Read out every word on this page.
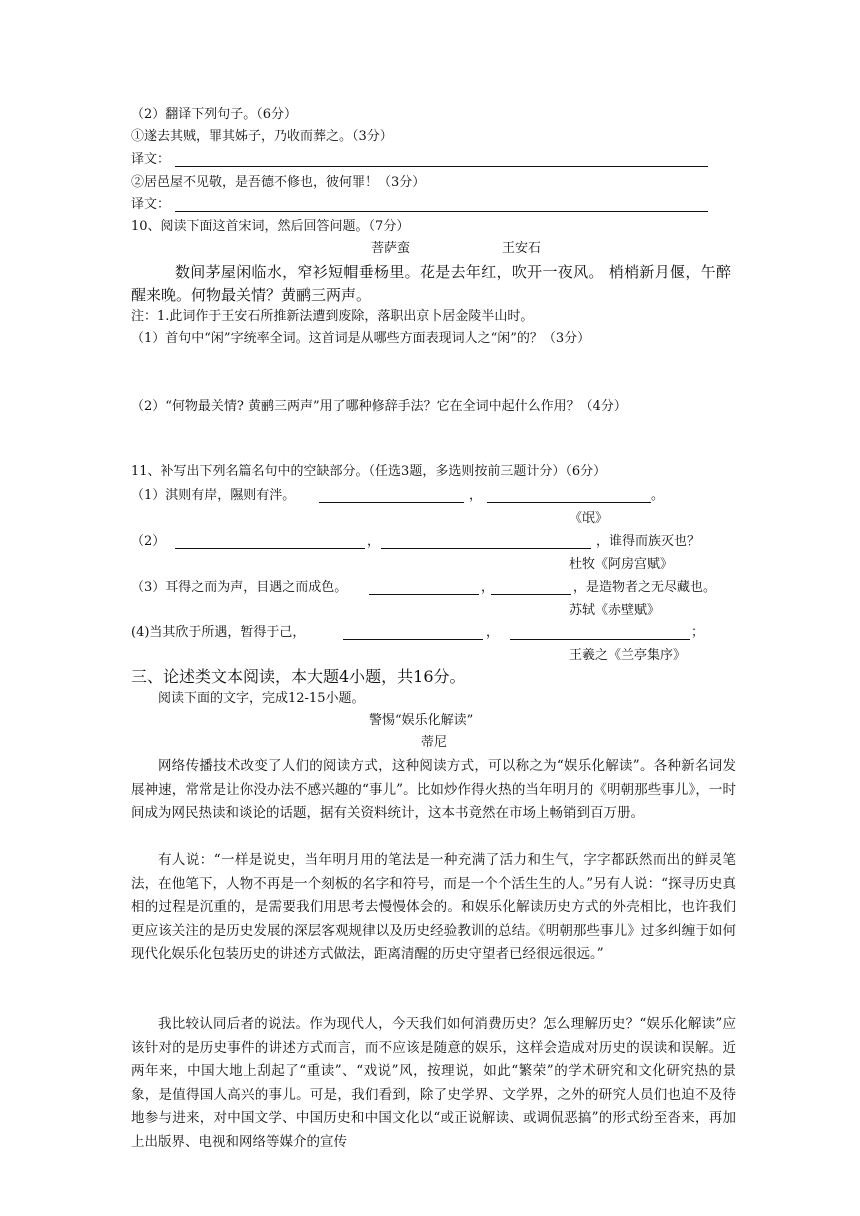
（2）翻译下列句子。（6分）
①遂去其贼，罪其姊子，乃收而葬之。（3分）
译文：
②居邑屋不见敬，是吾德不修也，彼何罪！（3分）
译文：
10、阅读下面这首宋词，然后回答问题。（7分）
菩萨蛮	王安石
数间茅屋闲临水，窄衫短帽垂杨里。花是去年红，吹开一夜风。 梢梢新月偃，午醉醒来晚。何物最关情？黄鹂三两声。
注：1.此词作于王安石所推新法遭到废除，落职出京卜居金陵半山时。
（1）首句中“闲”字统率全词。这首词是从哪些方面表现词人之“闲”的？（3分）
（2）“何物最关情? 黄鹂三两声”用了哪种修辞手法？它在全词中起什么作用？（4分）
11、补写出下列名篇名句中的空缺部分。（任选3题，多选则按前三题计分）（6分）
（1）淇则有岸，隰则有泮。	，	。
《氓》
（2）	，	，谁得而族灭也？
杜牧《阿房宫赋》
（3）耳得之而为声，目遇之而成色。	，	，是造物者之无尽藏也。
苏轼《赤壁赋》
(4)当其欣于所遇，暂得于己，	，	；
王羲之《兰亭集序》
三、论述类文本阅读，本大题4小题，共16分。
阅读下面的文字，完成12-15小题。
警惕“娱乐化解读”
蒂尼
网络传播技术改变了人们的阅读方式，这种阅读方式，可以称之为“娱乐化解读”。各种新名词发展神速，常常是让你没办法不感兴趣的“事儿”。比如炒作得火热的当年明月的《明朝那些事儿》，一时间成为网民热读和谈论的话题，据有关资料统计，这本书竟然在市场上畅销到百万册。
有人说：“一样是说史，当年明月用的笔法是一种充满了活力和生气，字字都跃然而出的鲜灵笔法，在他笔下，人物不再是一个刻板的名字和符号，而是一个个活生生的人。”另有人说：“探寻历史真相的过程是沉重的，是需要我们用思考去慢慢体会的。和娱乐化解读历史方式的外壳相比，也许我们更应该关注的是历史发展的深层客观规律以及历史经验教训的总结。《明朝那些事儿》过多纠缠于如何现代化娱乐化包装历史的讲述方式做法，距离清醒的历史守望者已经很远很远。”
我比较认同后者的说法。作为现代人，今天我们如何消费历史？怎么理解历史？“娱乐化解读”应该针对的是历史事件的讲述方式而言，而不应该是随意的娱乐，这样会造成对历史的误读和误解。近两年来，中国大地上刮起了“重读”、“戏说”风，按理说，如此“繁荣”的学术研究和文化研究热的景象，是值得国人高兴的事儿。可是，我们看到，除了史学界、文学界，之外的研究人员们也迫不及待地参与进来，对中国文学、中国历史和中国文化以“或正说解读、或调侃恶搞”的形式纷至沓来，再加上出版界、电视和网络等媒介的宣传
